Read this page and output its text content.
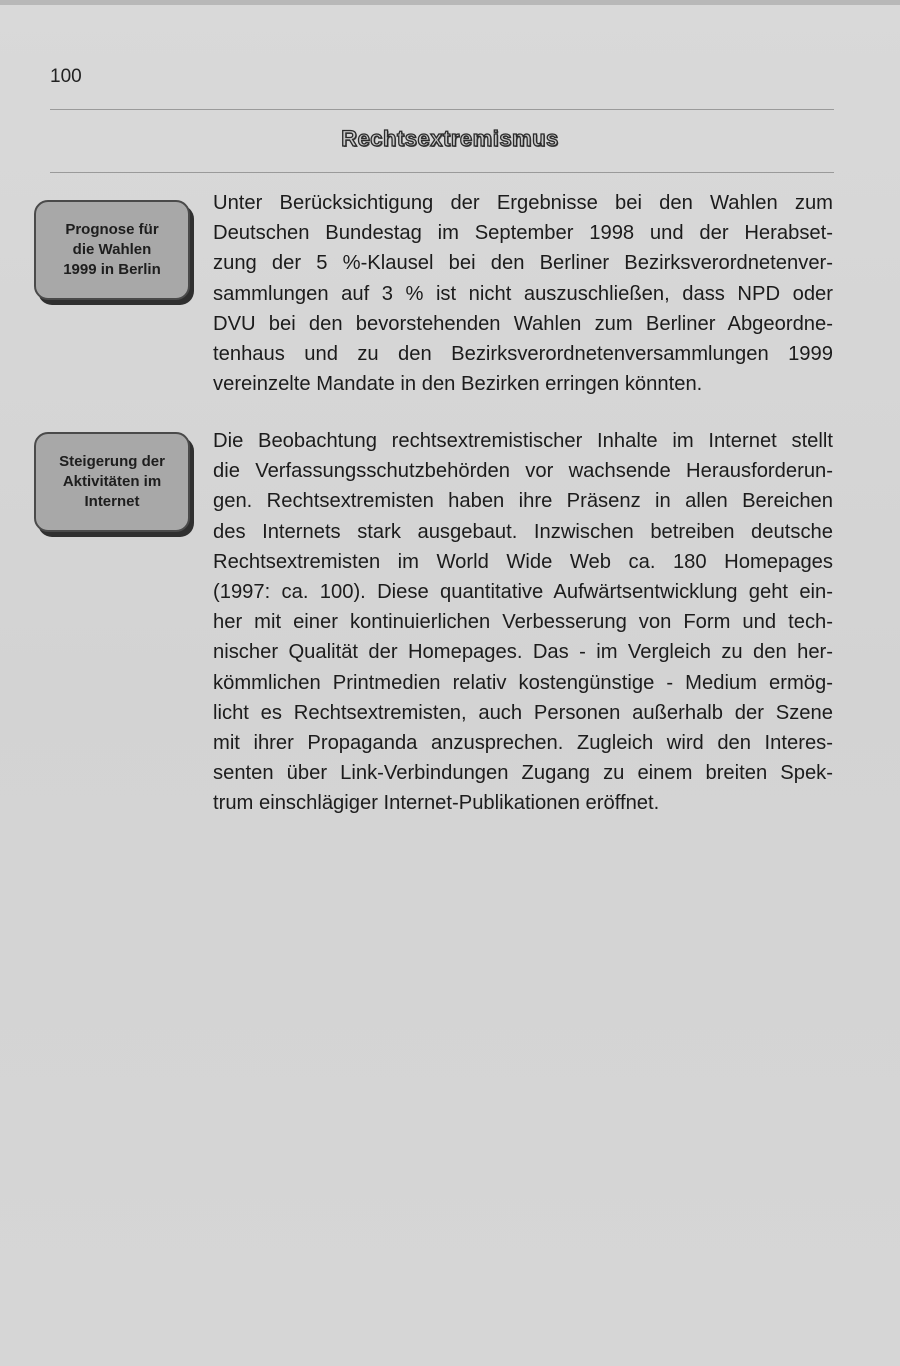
100
Rechtsextremismus
Prognose für
die Wahlen
1999 in Berlin
Unter Berücksichtigung der Ergebnisse bei den Wahlen zum
Deutschen Bundestag im September 1998 und der Herabset-
zung der 5 %-Klausel bei den Berliner Bezirksverordnetenver-
sammlungen auf 3 % ist nicht auszuschließen, dass NPD oder
DVU bei den bevorstehenden Wahlen zum Berliner Abgeordne-
tenhaus und zu den Bezirksverordnetenversammlungen 1999
vereinzelte Mandate in den Bezirken erringen könnten.
Steigerung der
Aktivitäten im
Internet
Die Beobachtung rechtsextremistischer Inhalte im Internet stellt
die Verfassungsschutzbehörden vor wachsende Herausforderun-
gen. Rechtsextremisten haben ihre Präsenz in allen Bereichen
des Internets stark ausgebaut. Inzwischen betreiben deutsche
Rechtsextremisten im World Wide Web ca. 180 Homepages
(1997: ca. 100). Diese quantitative Aufwärtsentwicklung geht ein-
her mit einer kontinuierlichen Verbesserung von Form und tech-
nischer Qualität der Homepages. Das - im Vergleich zu den her-
kömmlichen Printmedien relativ kostengünstige - Medium ermög-
licht es Rechtsextremisten, auch Personen außerhalb der Szene
mit ihrer Propaganda anzusprechen. Zugleich wird den Interes-
senten über Link-Verbindungen Zugang zu einem breiten Spek-
trum einschlägiger Internet-Publikationen eröffnet.
